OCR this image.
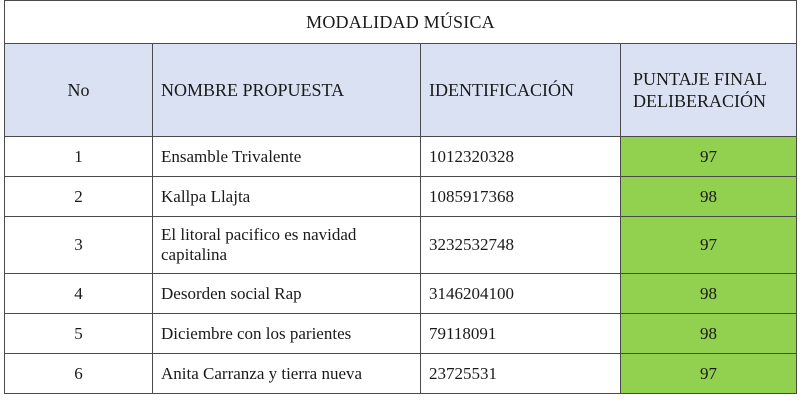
MODALIDAD MÚSICA			
No	NOMBRE PROPUESTA	IDENTIFICACIÓN	PUNTAJE FINAL DELIBERACIÓN
1	Ensamble Trivalente	1012320328	97
2	Kallpa Llajta	1085917368	98
3	El litoral pacifico es navidad capitalina	3232532748	97
4	Desorden social Rap	3146204100	98
5	Diciembre con los parientes	79118091	98
6	Anita Carranza y tierra nueva	23725531	97
